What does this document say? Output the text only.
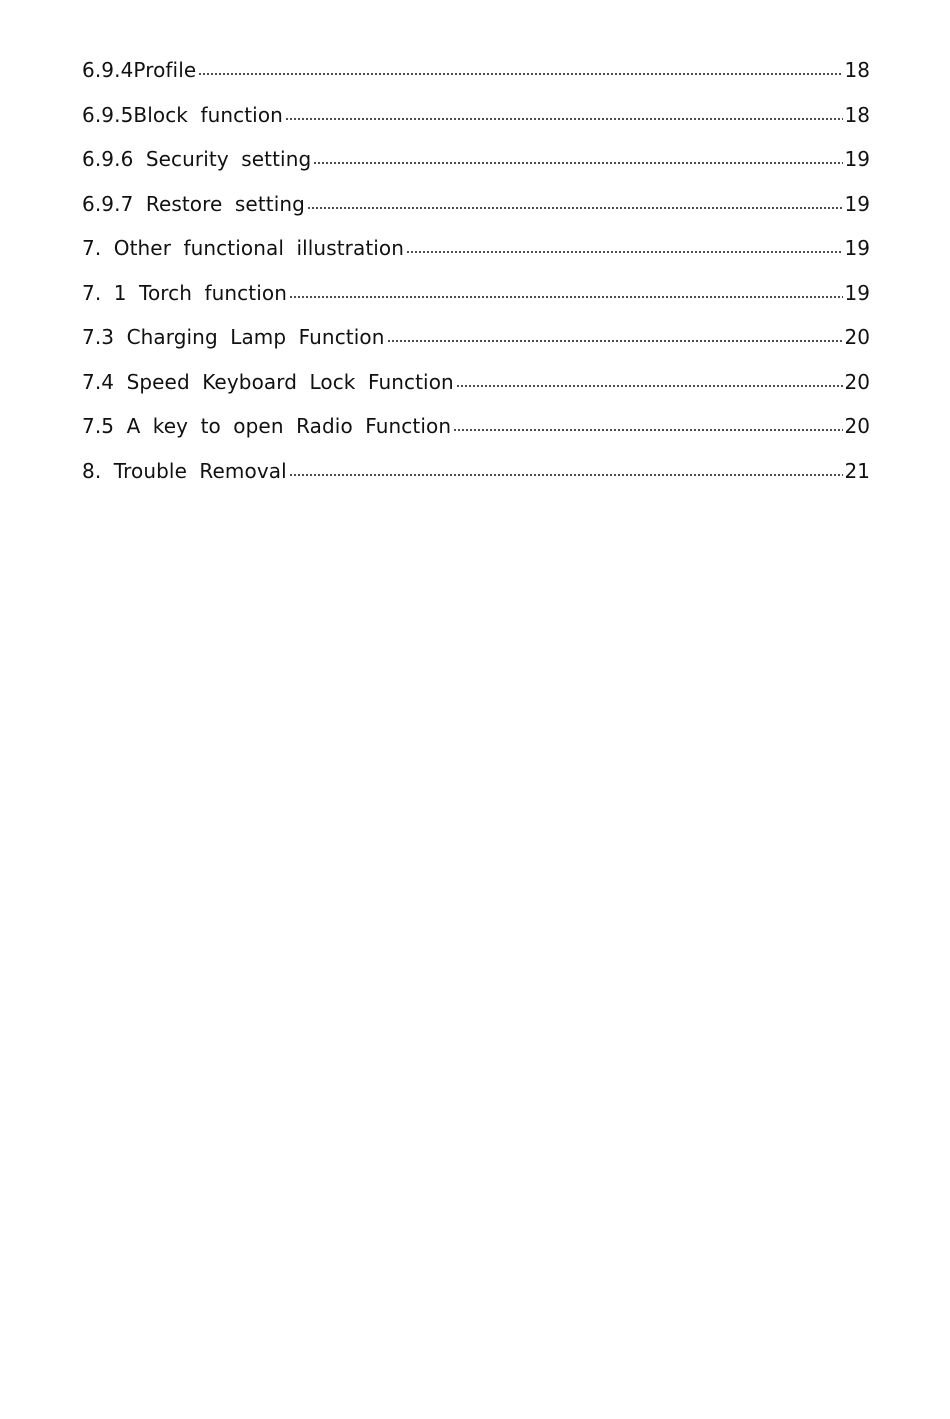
6.9.4Profile	18
6.9.5Block function	18
6.9.6 Security setting	19
6.9.7 Restore setting	19
7. Other functional illustration	19
7. 1 Torch function	19
7.3 Charging Lamp Function	20
7.4 Speed Keyboard Lock Function	20
7.5 A key to open Radio Function	20
8. Trouble Removal	21
